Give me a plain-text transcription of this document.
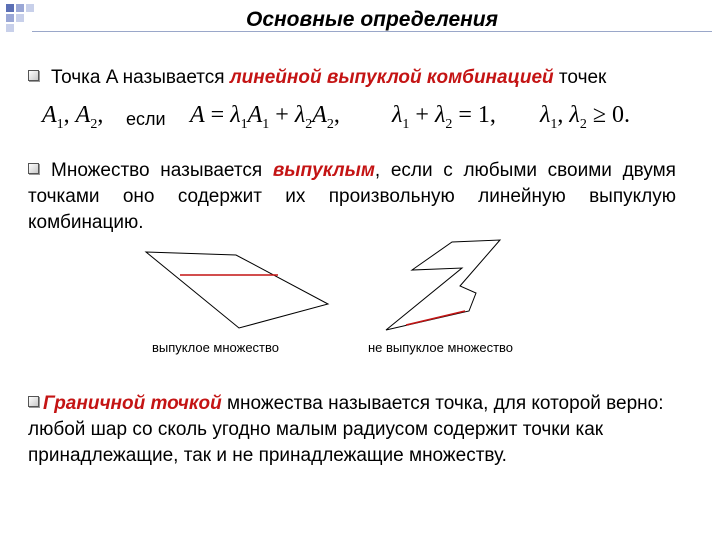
Основные определения
Точка A называется линейной выпуклой комбинацией точек
$A_1$, $A_2$, если $A = \lambda_1A_1 + \lambda_2A_2$, $\lambda_1 + \lambda_2 = 1$, $\lambda_1$, $\lambda_2 \ge 0$.
Множество называется выпуклым, если с любыми своими двумя точками оно содержит их произвольную линейную выпуклую комбинацию.
выпуклое множество	не выпуклое множество
Граничной точкой множества называется точка, для которой верно: любой шар со сколь угодно малым радиусом содержит точки как принадлежащие, так и не принадлежащие множеству.
